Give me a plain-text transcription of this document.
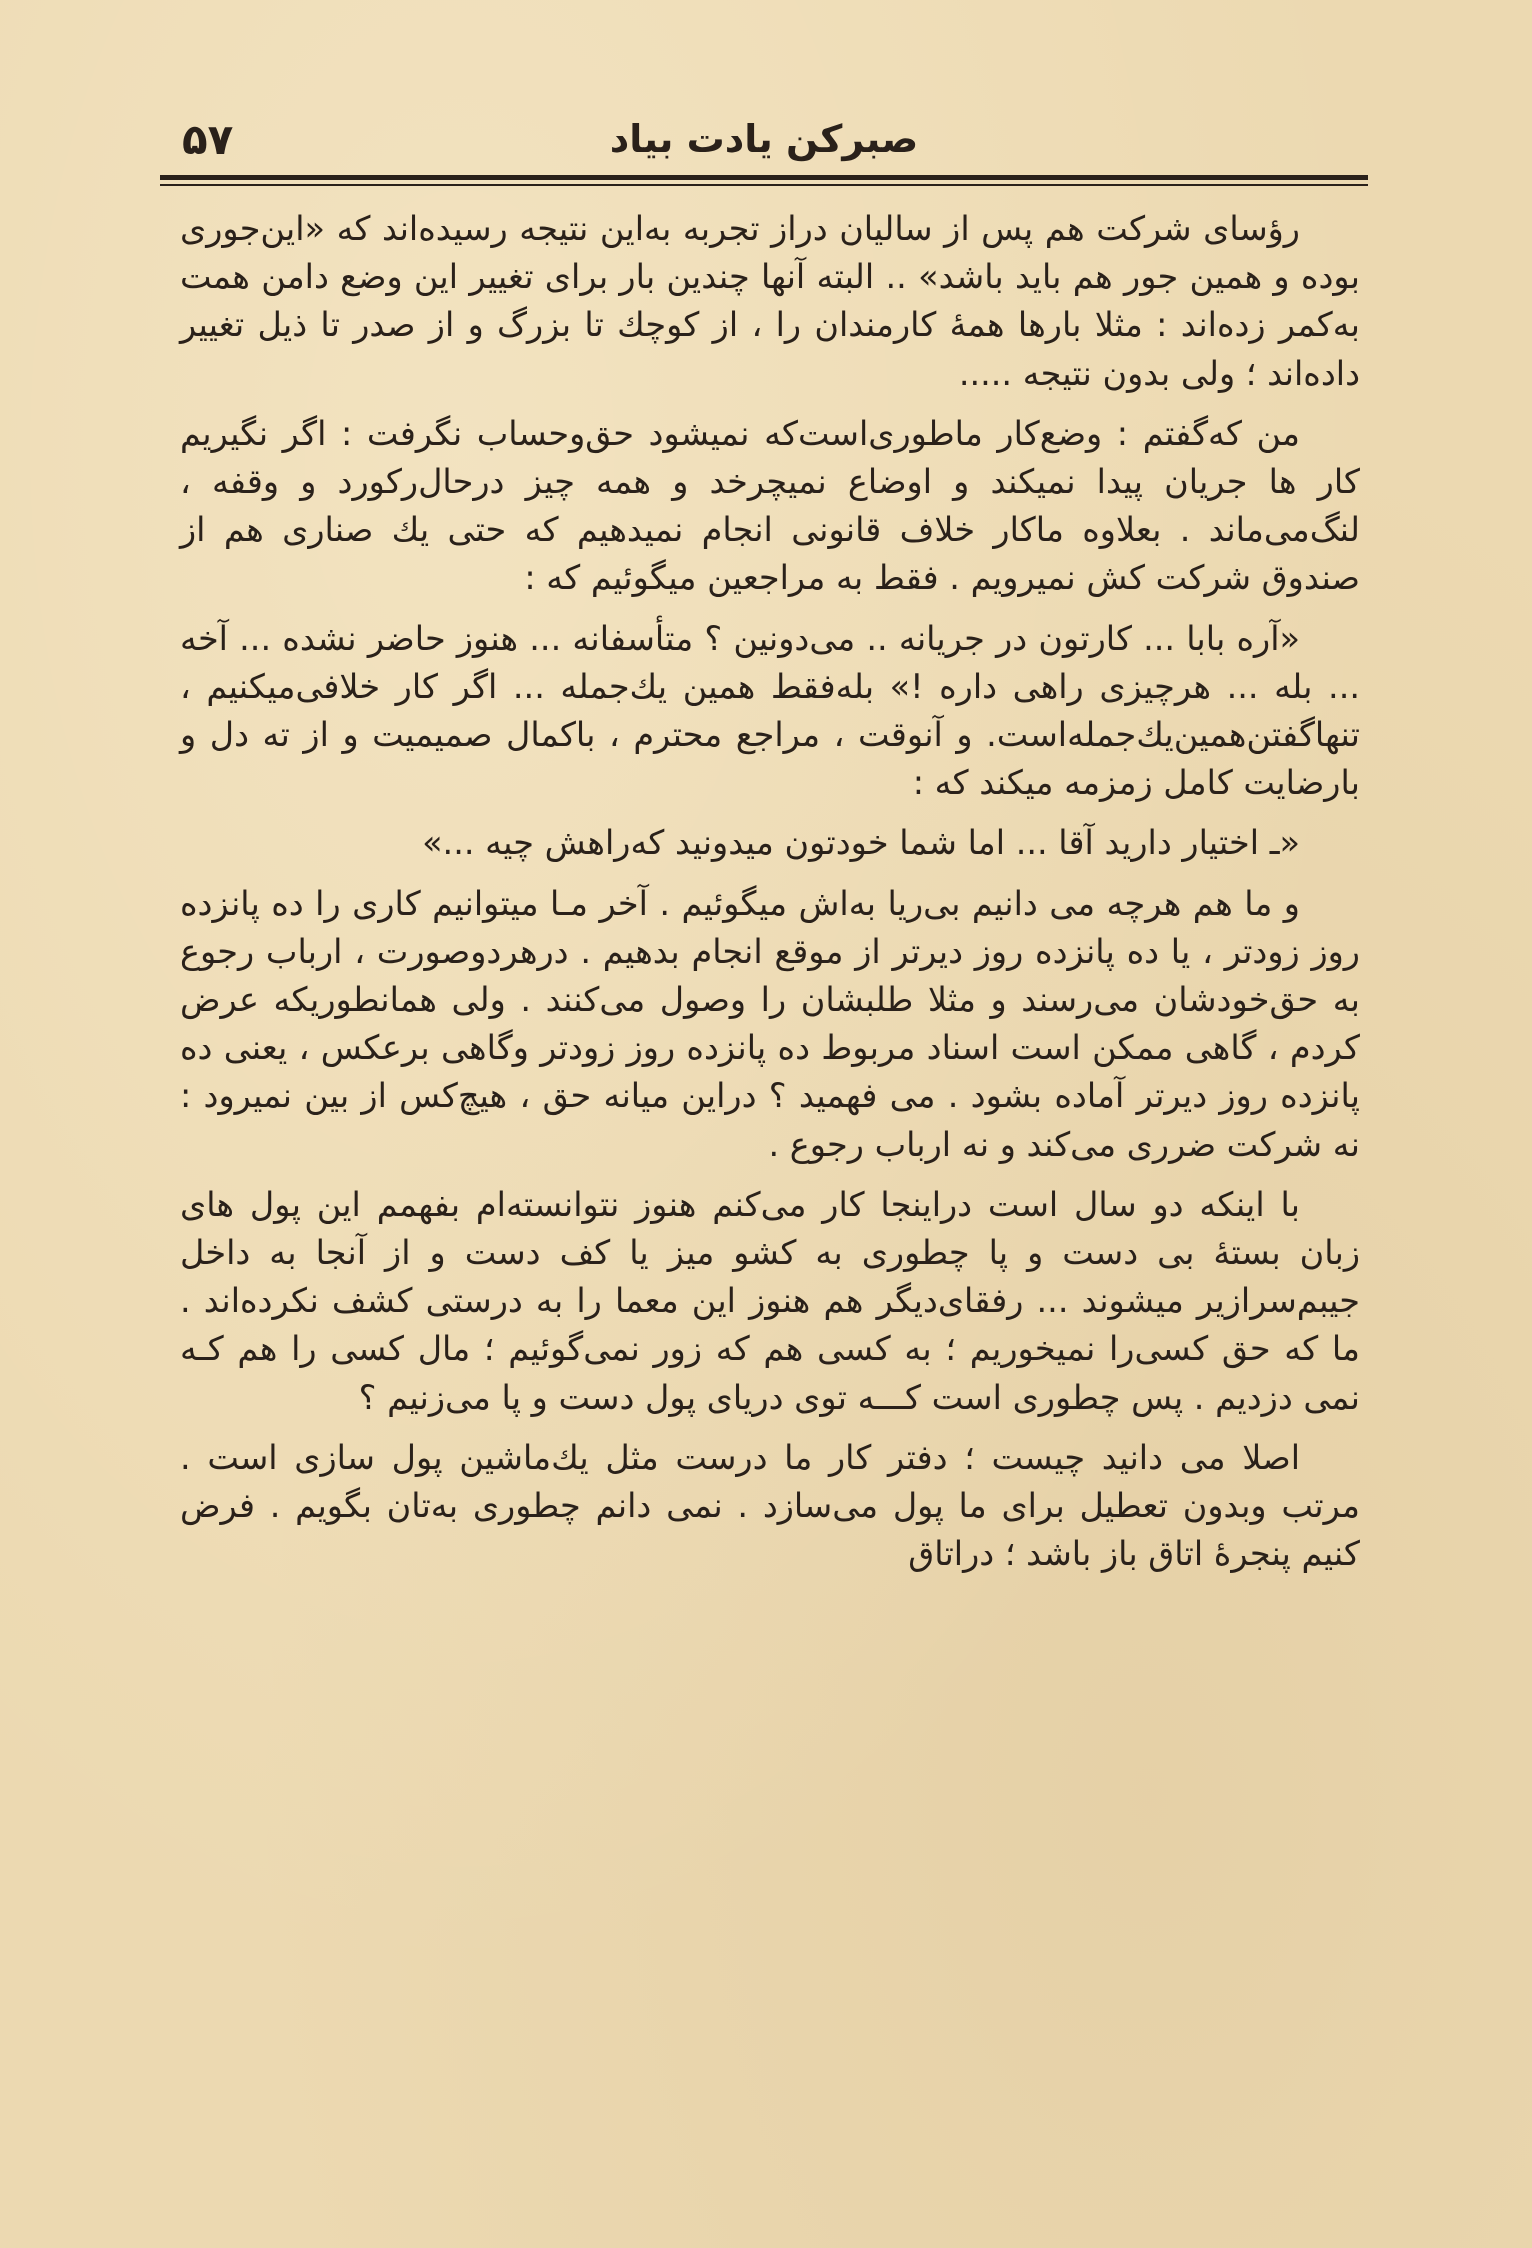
۵۷	صبرکن یادت بیاد

رؤسای شرکت هم پس از سالیان دراز تجربه به‌این نتیجه رسیده‌اند که «این‌جوری بوده و همین جور هم باید باشد» .. البته آنها چندین بار برای تغییر این وضع دامن همت به‌کمر زده‌اند : مثلا بارها همهٔ کارمندان را ، از کوچك تا بزرگ و از صدر تا ذیل تغییر داده‌اند ؛ ولی بدون نتیجه .....

من که‌گفتم : وضع‌کار ماطوری‌است‌که نمیشود حق‌وحساب نگرفت : اگر نگیریم کار ها جریان پیدا نمیکند و اوضاع نمیچرخد و همه چیز درحال‌رکورد و وقفه ، لنگ‌می‌ماند . بعلاوه ماکار خلاف قانونی انجام نمیدهیم که حتی یك صناری هم از صندوق شرکت کش نمیرویم . فقط به مراجعین میگوئیم که :

«آره بابا ... کارتون در جریانه .. می‌دونین ؟ متأسفانه ... هنوز حاضر نشده ... آخه ... بله ... هرچیزی راهی داره !» بله‌فقط همین یك‌جمله ... اگر کار خلافی‌میکنیم ، تنهاگفتن‌همین‌یك‌جمله‌است. و آنوقت ، مراجع محترم ، باکمال صمیمیت و از ته دل و بارضایت کامل زمزمه میکند که :

«ـ اختیار دارید آقا ... اما شما خودتون میدونید که‌راهش چیه ...»

و ما هم هرچه می دانیم بی‌ریا به‌اش میگوئیم . آخر مـا میتوانیم کاری را ده پانزده روز زودتر ، یا ده پانزده روز دیرتر از موقع انجام بدهیم . درهردوصورت ، ارباب رجوع به حق‌خودشان می‌رسند و مثلا طلبشان را وصول می‌کنند . ولی همانطوریکه عرض کردم ، گاهی ممکن است اسناد مربوط ده پانزده روز زودتر وگاهی برعکس ، یعنی ده پانزده روز دیرتر آماده بشود . می فهمید ؟ دراین میانه حق ، هیچ‌کس از بین نمیرود : نه شرکت ضرری می‌کند و نه ارباب رجوع .

با اینکه دو سال است دراینجا کار می‌کنم هنوز نتوانسته‌ام بفهمم این پول های زبان بستهٔ بی دست و پا چطوری به کشو میز یا کف دست و از آنجا به داخل جیبم‌سرازیر میشوند ... رفقای‌دیگر هم هنوز این معما را به درستی کشف نکرده‌اند . ما که حق کسی‌را نمیخوریم ؛ به کسی هم که زور نمی‌گوئیم ؛ مال کسی را هم کـه نمی دزدیم . پس چطوری است کـــه توی دریای پول دست و پا می‌زنیم ؟

اصلا می دانید چیست ؛ دفتر کار ما درست مثل یك‌ماشین پول سازی است . مرتب وبدون تعطیل برای ما پول می‌سازد . نمی دانم چطوری به‌تان بگویم . فرض کنیم پنجرهٔ اتاق باز باشد ؛ دراتاق
